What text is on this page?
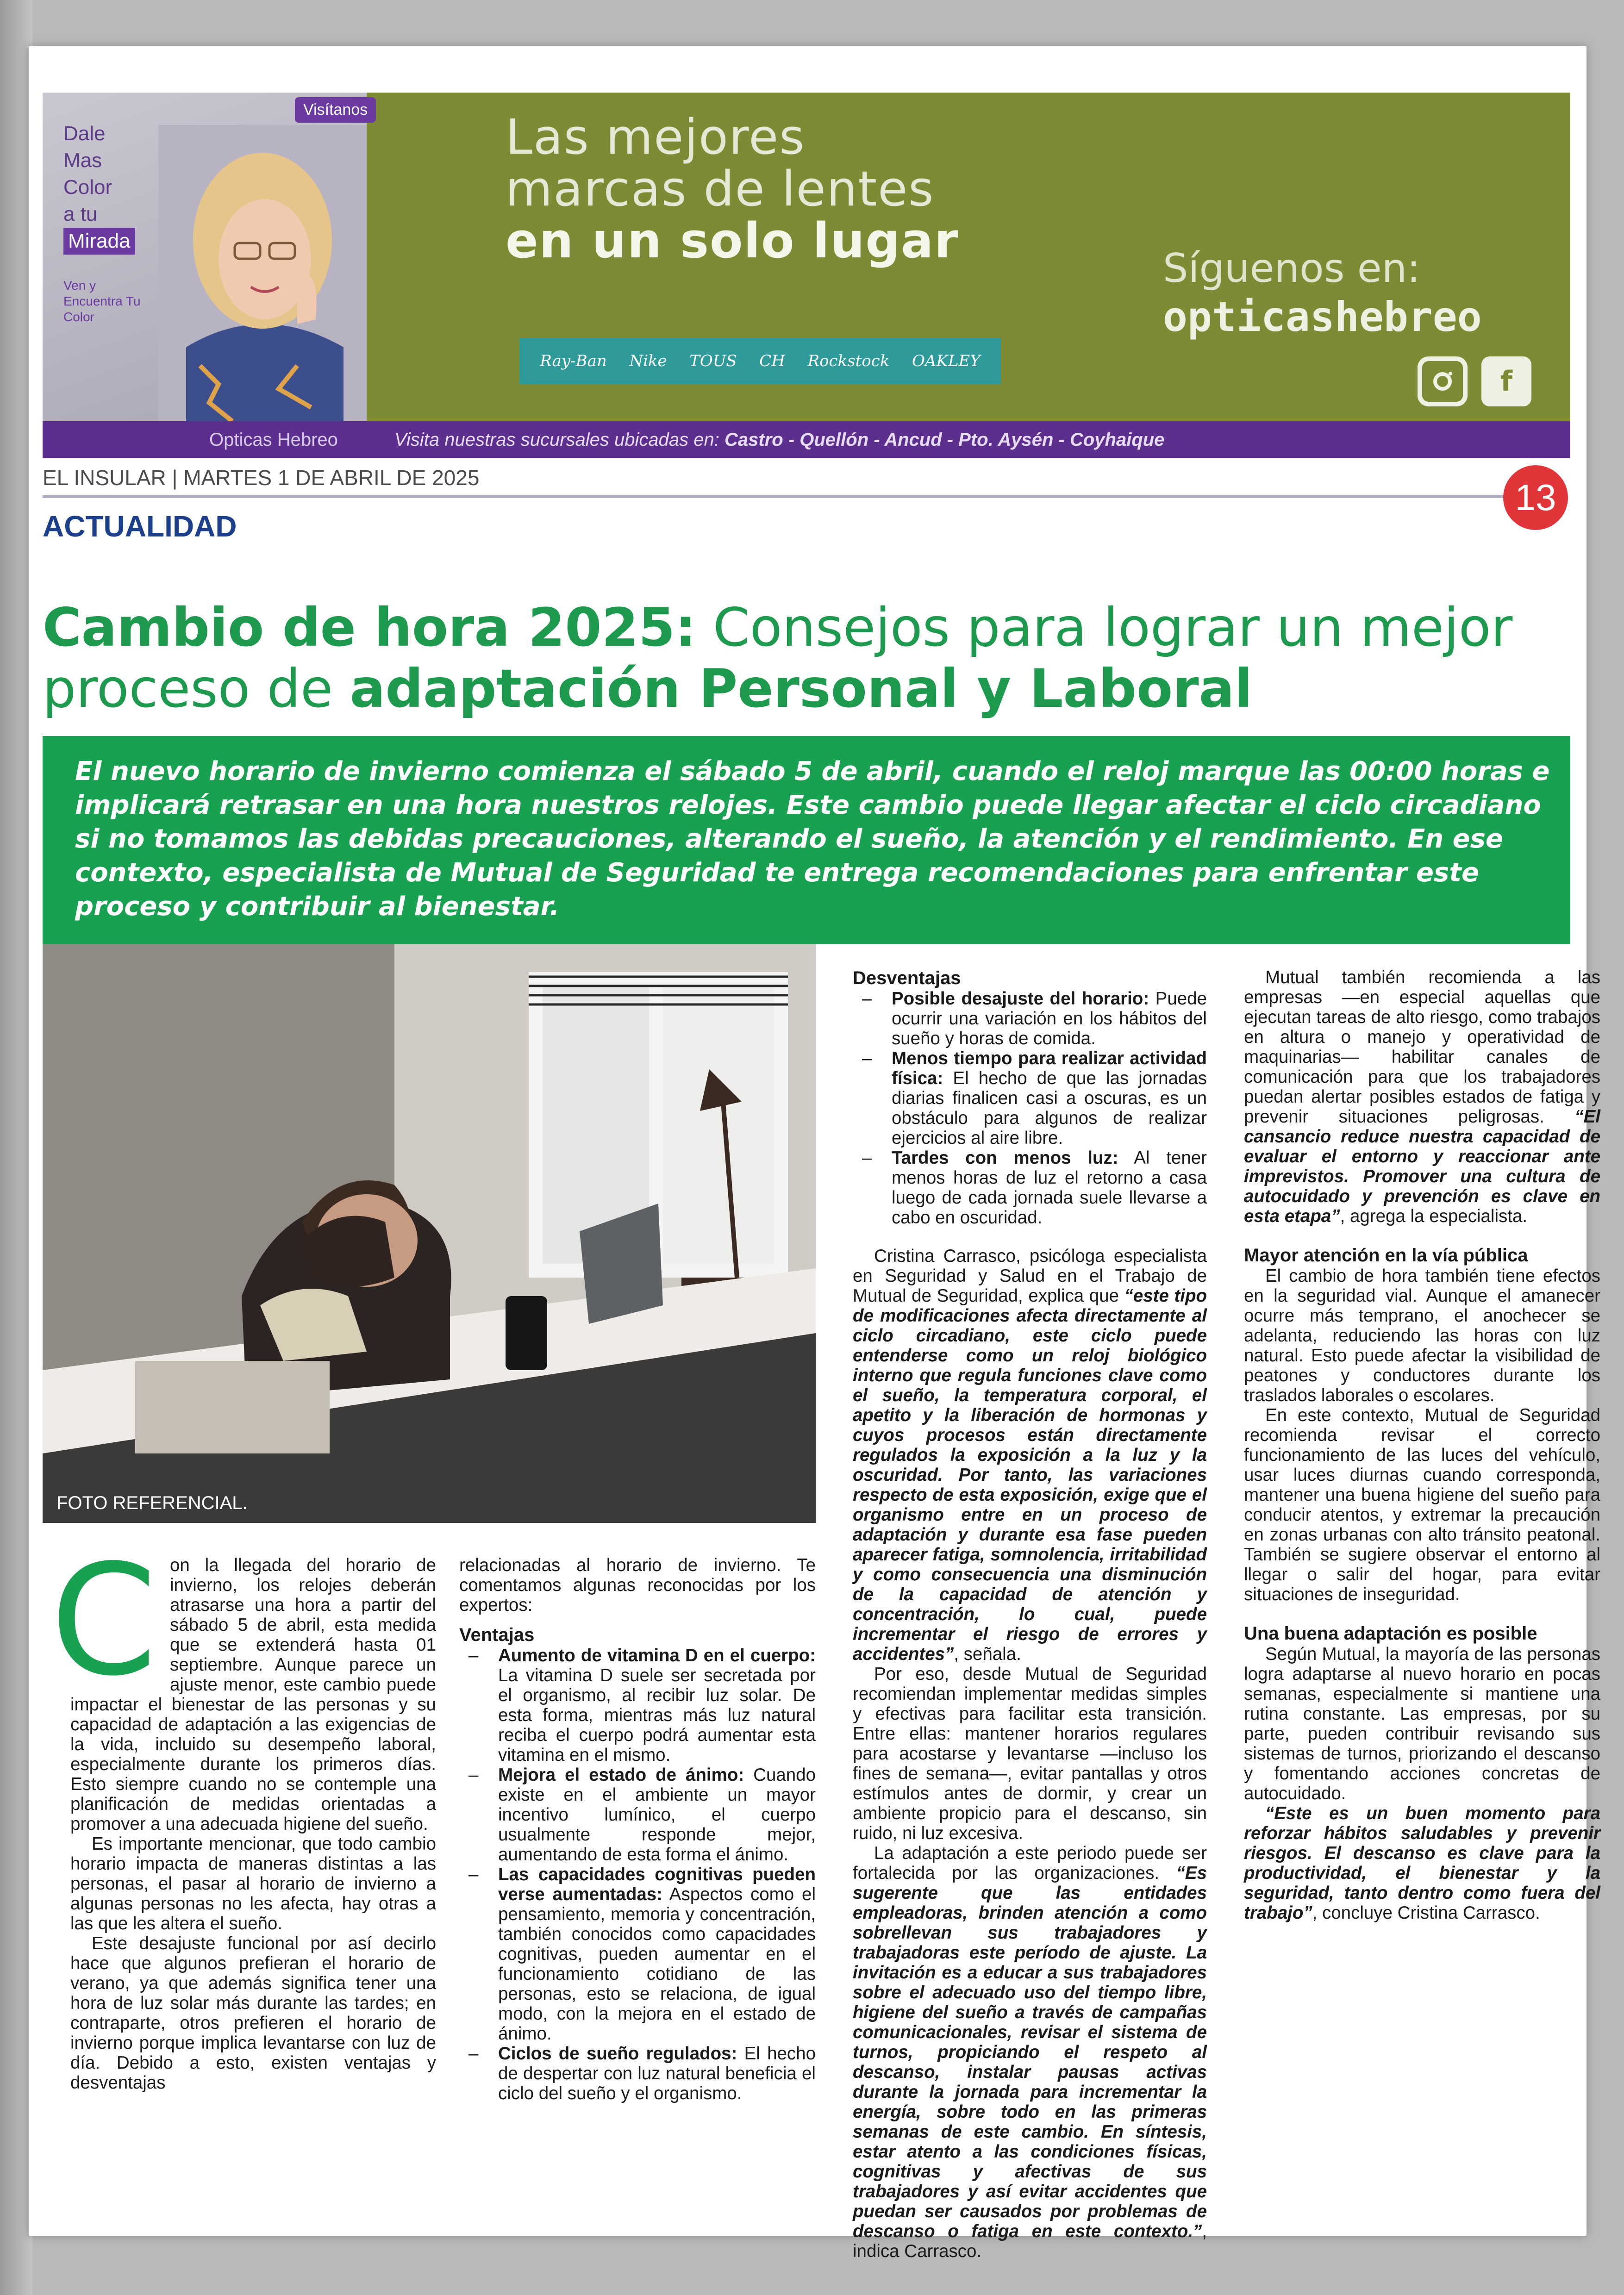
Dale
Mas
Color
a tu
Mirada
Ven y Encuentra Tu Color
Visítanos	Las mejores
marcas de lentes
en un solo lugar
Ray-Ban Nike TOUS CH Rockstock OAKLEY
Síguenos en:
opticashebreo
f
Opticas Hebreo	Visita nuestras sucursales ubicadas en: Castro - Quellón - Ancud - Pto. Aysén - Coyhaique
EL INSULAR | MARTES 1 DE ABRIL DE 2025	13
ACTUALIDAD
Cambio de hora 2025: Consejos para lograr un mejor proceso de adaptación Personal y Laboral
El nuevo horario de invierno comienza el sábado 5 de abril, cuando el reloj marque las 00:00 horas e implicará retrasar en una hora nuestros relojes. Este cambio puede llegar afectar el ciclo circadiano si no tomamos las debidas precauciones, alterando el sueño, la atención y el rendimiento. En ese contexto, especialista de Mutual de Seguridad te entrega recomendaciones para enfrentar este proceso y contribuir al bienestar.
FOTO REFERENCIAL.
C on la llegada del horario de invierno, los relojes deberán atrasarse una hora a partir del sábado 5 de abril, esta medida que se extenderá hasta 01 septiembre. Aunque parece un ajuste menor, este cambio puede impactar el bienestar de las personas y su capacidad de adaptación a las exigencias de la vida, incluido su desempeño laboral, especialmente durante los primeros días. Esto siempre cuando no se contemple una planificación de medidas orientadas a promover a una adecuada higiene del sueño.

Es importante mencionar, que todo cambio horario impacta de maneras distintas a las personas, el pasar al horario de invierno a algunas personas no les afecta, hay otras a las que les altera el sueño.

Este desajuste funcional por así decirlo hace que algunos prefieran el horario de verano, ya que además significa tener una hora de luz solar más durante las tardes; en contraparte, otros prefieren el horario de invierno porque implica levantarse con luz de día. Debido a esto, existen ventajas y desventajas

relacionadas al horario de invierno. Te comentamos algunas reconocidas por los expertos:

Ventajas
– Aumento de vitamina D en el cuerpo: La vitamina D suele ser secretada por el organismo, al recibir luz solar. De esta forma, mientras más luz natural reciba el cuerpo podrá aumentar esta vitamina en el mismo.
– Mejora el estado de ánimo: Cuando existe en el ambiente un mayor incentivo lumínico, el cuerpo usualmente responde mejor, aumentando de esta forma el ánimo.
– Las capacidades cognitivas pueden verse aumentadas: Aspectos como el pensamiento, memoria y concentración, también conocidos como capacidades cognitivas, pueden aumentar en el funcionamiento cotidiano de las personas, esto se relaciona, de igual modo, con la mejora en el estado de ánimo.
– Ciclos de sueño regulados: El hecho de despertar con luz natural beneficia el ciclo del sueño y el organismo.
Desventajas
– Posible desajuste del horario: Puede ocurrir una variación en los hábitos del sueño y horas de comida.
– Menos tiempo para realizar actividad física: El hecho de que las jornadas diarias finalicen casi a oscuras, es un obstáculo para algunos de realizar ejercicios al aire libre.
– Tardes con menos luz: Al tener menos horas de luz el retorno a casa luego de cada jornada suele llevarse a cabo en oscuridad.

Cristina Carrasco, psicóloga especialista en Seguridad y Salud en el Trabajo de Mutual de Seguridad, explica que “este tipo de modificaciones afecta directamente al ciclo circadiano, este ciclo puede entenderse como un reloj biológico interno que regula funciones clave como el sueño, la temperatura corporal, el apetito y la liberación de hormonas y cuyos procesos están directamente regulados la exposición a la luz y la oscuridad. Por tanto, las variaciones respecto de esta exposición, exige que el organismo entre en un proceso de adaptación y durante esa fase pueden aparecer fatiga, somnolencia, irritabilidad y como consecuencia una disminución de la capacidad de atención y concentración, lo cual, puede incrementar el riesgo de errores y accidentes”, señala.

Por eso, desde Mutual de Seguridad recomiendan implementar medidas simples y efectivas para facilitar esta transición. Entre ellas: mantener horarios regulares para acostarse y levantarse —incluso los fines de semana—, evitar pantallas y otros estímulos antes de dormir, y crear un ambiente propicio para el descanso, sin ruido, ni luz excesiva.

La adaptación a este periodo puede ser fortalecida por las organizaciones. “Es sugerente que las entidades empleadoras, brinden atención a como sobrellevan sus trabajadores y trabajadoras este período de ajuste. La invitación es a educar a sus trabajadores sobre el adecuado uso del tiempo libre, higiene del sueño a través de campañas comunicacionales, revisar el sistema de turnos, propiciando el respeto al descanso, instalar pausas activas durante la jornada para incrementar la energía, sobre todo en las primeras semanas de este cambio. En síntesis, estar atento a las condiciones físicas, cognitivas y afectivas de sus trabajadores y así evitar accidentes que puedan ser causados por problemas de descanso o fatiga en este contexto.”, indica Carrasco.

Mutual también recomienda a las empresas —en especial aquellas que ejecutan tareas de alto riesgo, como trabajos en altura o manejo y operatividad de maquinarias— habilitar canales de comunicación para que los trabajadores puedan alertar posibles estados de fatiga y prevenir situaciones peligrosas. “El cansancio reduce nuestra capacidad de evaluar el entorno y reaccionar ante imprevistos. Promover una cultura de autocuidado y prevención es clave en esta etapa”, agrega la especialista.

Mayor atención en la vía pública

El cambio de hora también tiene efectos en la seguridad vial. Aunque el amanecer ocurre más temprano, el anochecer se adelanta, reduciendo las horas con luz natural. Esto puede afectar la visibilidad de peatones y conductores durante los traslados laborales o escolares.

En este contexto, Mutual de Seguridad recomienda revisar el correcto funcionamiento de las luces del vehículo, usar luces diurnas cuando corresponda, mantener una buena higiene del sueño para conducir atentos, y extremar la precaución en zonas urbanas con alto tránsito peatonal. También se sugiere observar el entorno al llegar o salir del hogar, para evitar situaciones de inseguridad.

Una buena adaptación es posible

Según Mutual, la mayoría de las personas logra adaptarse al nuevo horario en pocas semanas, especialmente si mantiene una rutina constante. Las empresas, por su parte, pueden contribuir revisando sus sistemas de turnos, priorizando el descanso y fomentando acciones concretas de autocuidado.

“Este es un buen momento para reforzar hábitos saludables y prevenir riesgos. El descanso es clave para la productividad, el bienestar y la seguridad, tanto dentro como fuera del trabajo”, concluye Cristina Carrasco.
